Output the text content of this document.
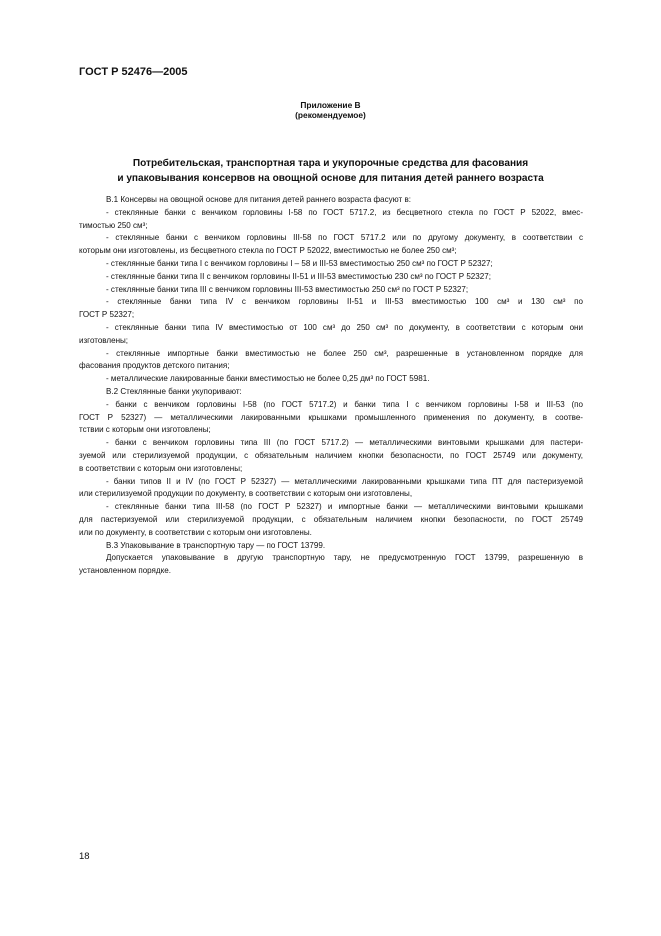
ГОСТ Р 52476—2005

Приложение В

(рекомендуемое)

Потребительская, транспортная тара и укупорочные средства для фасования

и упаковывания консервов на овощной основе для питания детей раннего возраста

В.1 Консервы на овощной основе для питания детей раннего возраста фасуют в:

- стеклянные банки с венчиком горловины I-58 по ГОСТ 5717.2, из бесцветного стекла по ГОСТ Р 52022, вмес-

тимостью 250 см³;

- стеклянные банки с венчиком горловины III-58 по ГОСТ 5717.2 или по другому документу, в соответствии с

которым они изготовлены, из бесцветного стекла по ГОСТ Р 52022, вместимостью не более 250 см³;

- стеклянные банки типа I с венчиком горловины I – 58 и III-53 вместимостью 250 см³ по ГОСТ Р 52327;

- стеклянные банки типа II с венчиком горловины II-51 и III-53 вместимостью 230 см³ по ГОСТ Р 52327;

- стеклянные банки типа III с венчиком горловины III-53 вместимостью 250 см³ по ГОСТ Р 52327;

- стеклянные банки типа IV с венчиком горловины II-51 и III-53 вместимостью 100 см³ и 130 см³ по

ГОСТ Р 52327;

- стеклянные банки типа IV вместимостью от 100 см³ до 250 см³ по документу, в соответствии с которым они

изготовлены;

- стеклянные импортные банки вместимостью не более 250 см³, разрешенные в установленном порядке для

фасования продуктов детского питания;

- металлические лакированные банки вместимостью не более 0,25 дм³ по ГОСТ 5981.

В.2 Стеклянные банки укупоривают:

- банки с венчиком горловины I-58 (по ГОСТ 5717.2) и банки типа I с венчиком горловины I-58 и III-53 (по

ГОСТ Р 52327) — металлическими лакированными крышками промышленного применения по документу, в соотве-

тствии с которым они изготовлены;

- банки с венчиком горловины типа III (по ГОСТ 5717.2) — металлическими винтовыми крышками для пастери-

зуемой или стерилизуемой продукции, с обязательным наличием кнопки безопасности, по ГОСТ 25749 или документу,

в соответствии с которым они изготовлены;

- банки типов II и IV (по ГОСТ Р 52327) — металлическими лакированными крышками типа ПТ для пастеризуемой

или стерилизуемой продукции по документу, в соответствии с которым они изготовлены,

- стеклянные банки типа III-58 (по ГОСТ Р 52327) и импортные банки — металлическими винтовыми крышками

для пастеризуемой или стерилизуемой продукции, с обязательным наличием кнопки безопасности, по ГОСТ 25749

или по документу, в соответствии с которым они изготовлены.

В.3 Упаковывание в транспортную тару — по ГОСТ 13799.

Допускается упаковывание в другую транспортную тару, не предусмотренную ГОСТ 13799, разрешенную в

установленном порядке.

18
